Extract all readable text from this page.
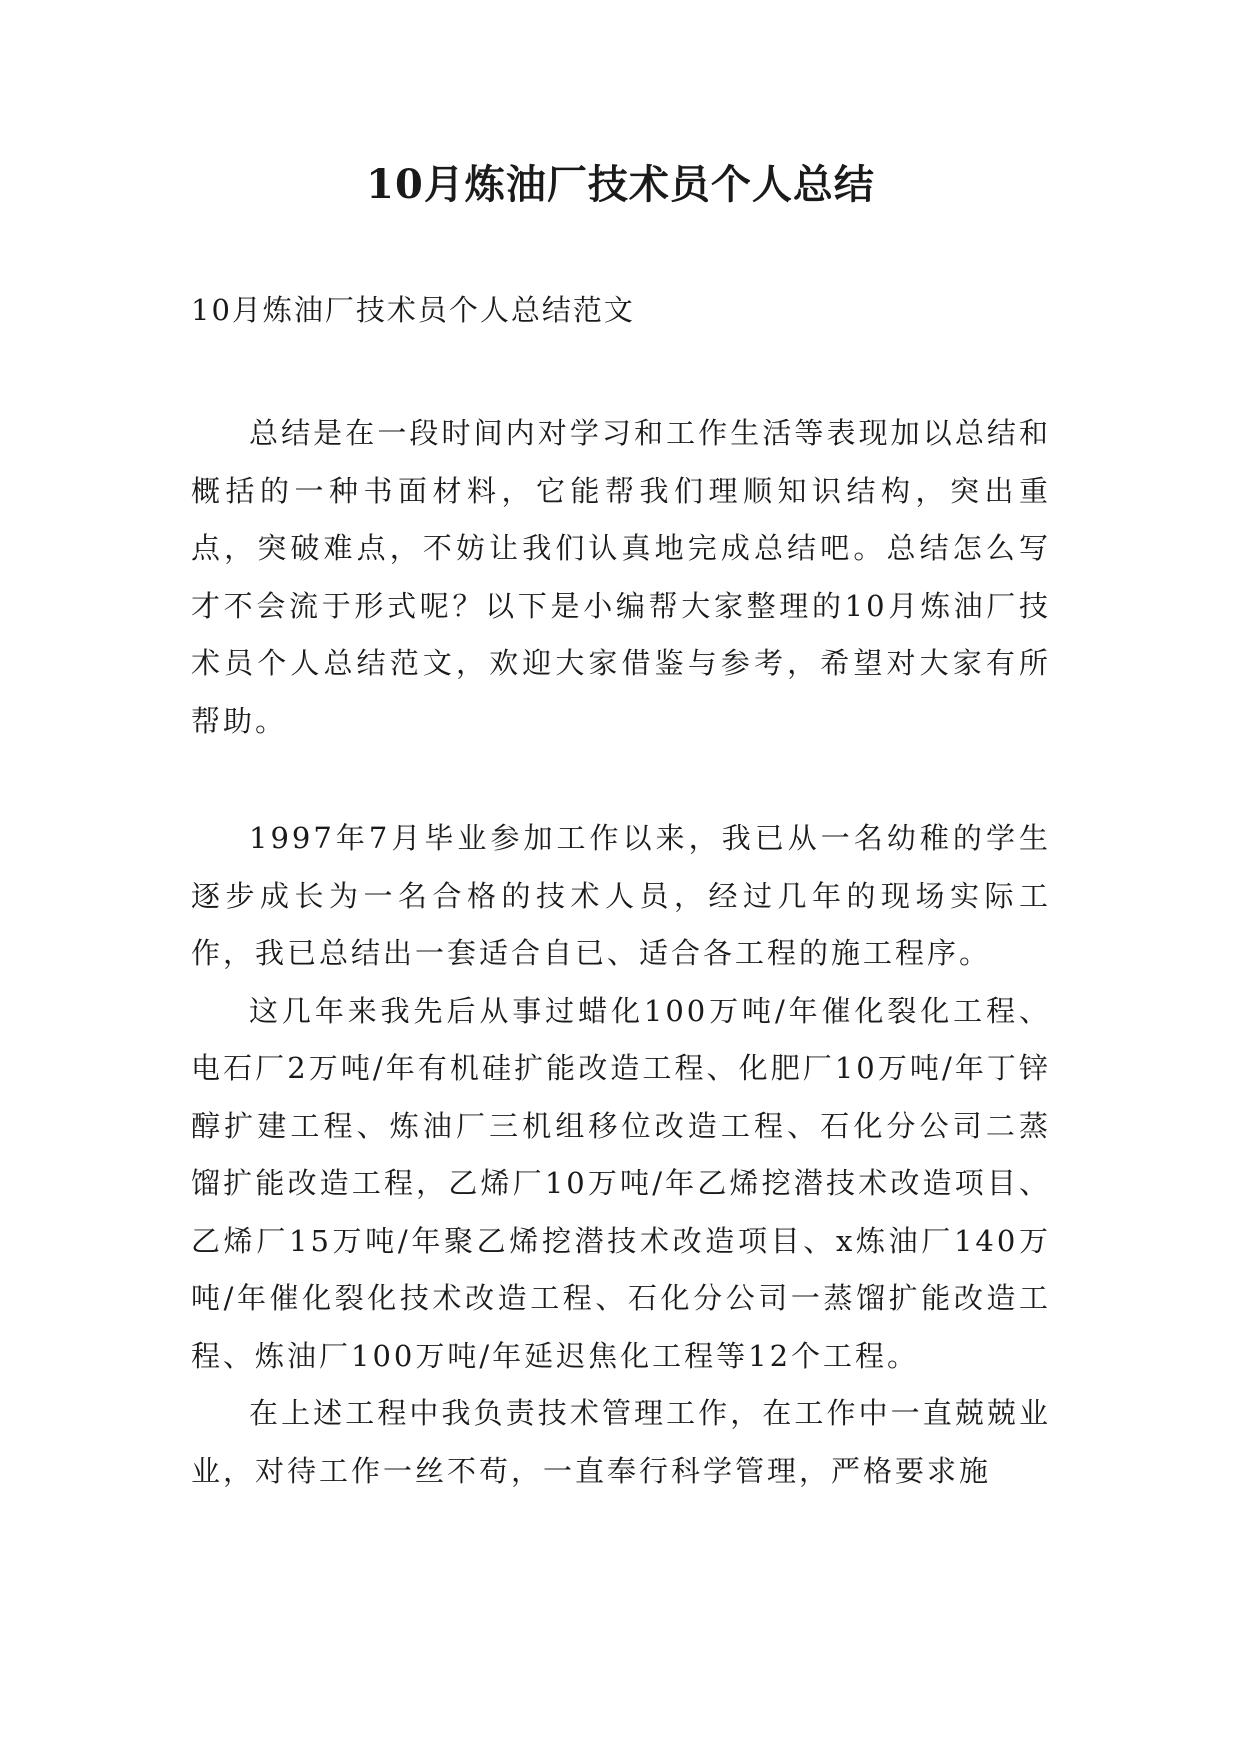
10月炼油厂技术员个人总结

10月炼油厂技术员个人总结范文

总结是在一段时间内对学习和工作生活等表现加以总结和概括的一种书面材料，它能帮我们理顺知识结构，突出重点，突破难点，不妨让我们认真地完成总结吧。总结怎么写才不会流于形式呢？以下是小编帮大家整理的10月炼油厂技术员个人总结范文，欢迎大家借鉴与参考，希望对大家有所帮助。

1997年7月毕业参加工作以来，我已从一名幼稚的学生逐步成长为一名合格的技术人员，经过几年的现场实际工作，我已总结出一套适合自已、适合各工程的施工程序。

这几年来我先后从事过蜡化100万吨/年催化裂化工程、电石厂2万吨/年有机硅扩能改造工程、化肥厂10万吨/年丁锌醇扩建工程、炼油厂三机组移位改造工程、石化分公司二蒸馏扩能改造工程，乙烯厂10万吨/年乙烯挖潜技术改造项目、乙烯厂15万吨/年聚乙烯挖潜技术改造项目、x炼油厂140万吨/年催化裂化技术改造工程、石化分公司一蒸馏扩能改造工程、炼油厂100万吨/年延迟焦化工程等12个工程。

在上述工程中我负责技术管理工作，在工作中一直兢兢业业，对待工作一丝不苟，一直奉行科学管理，严格要求施
